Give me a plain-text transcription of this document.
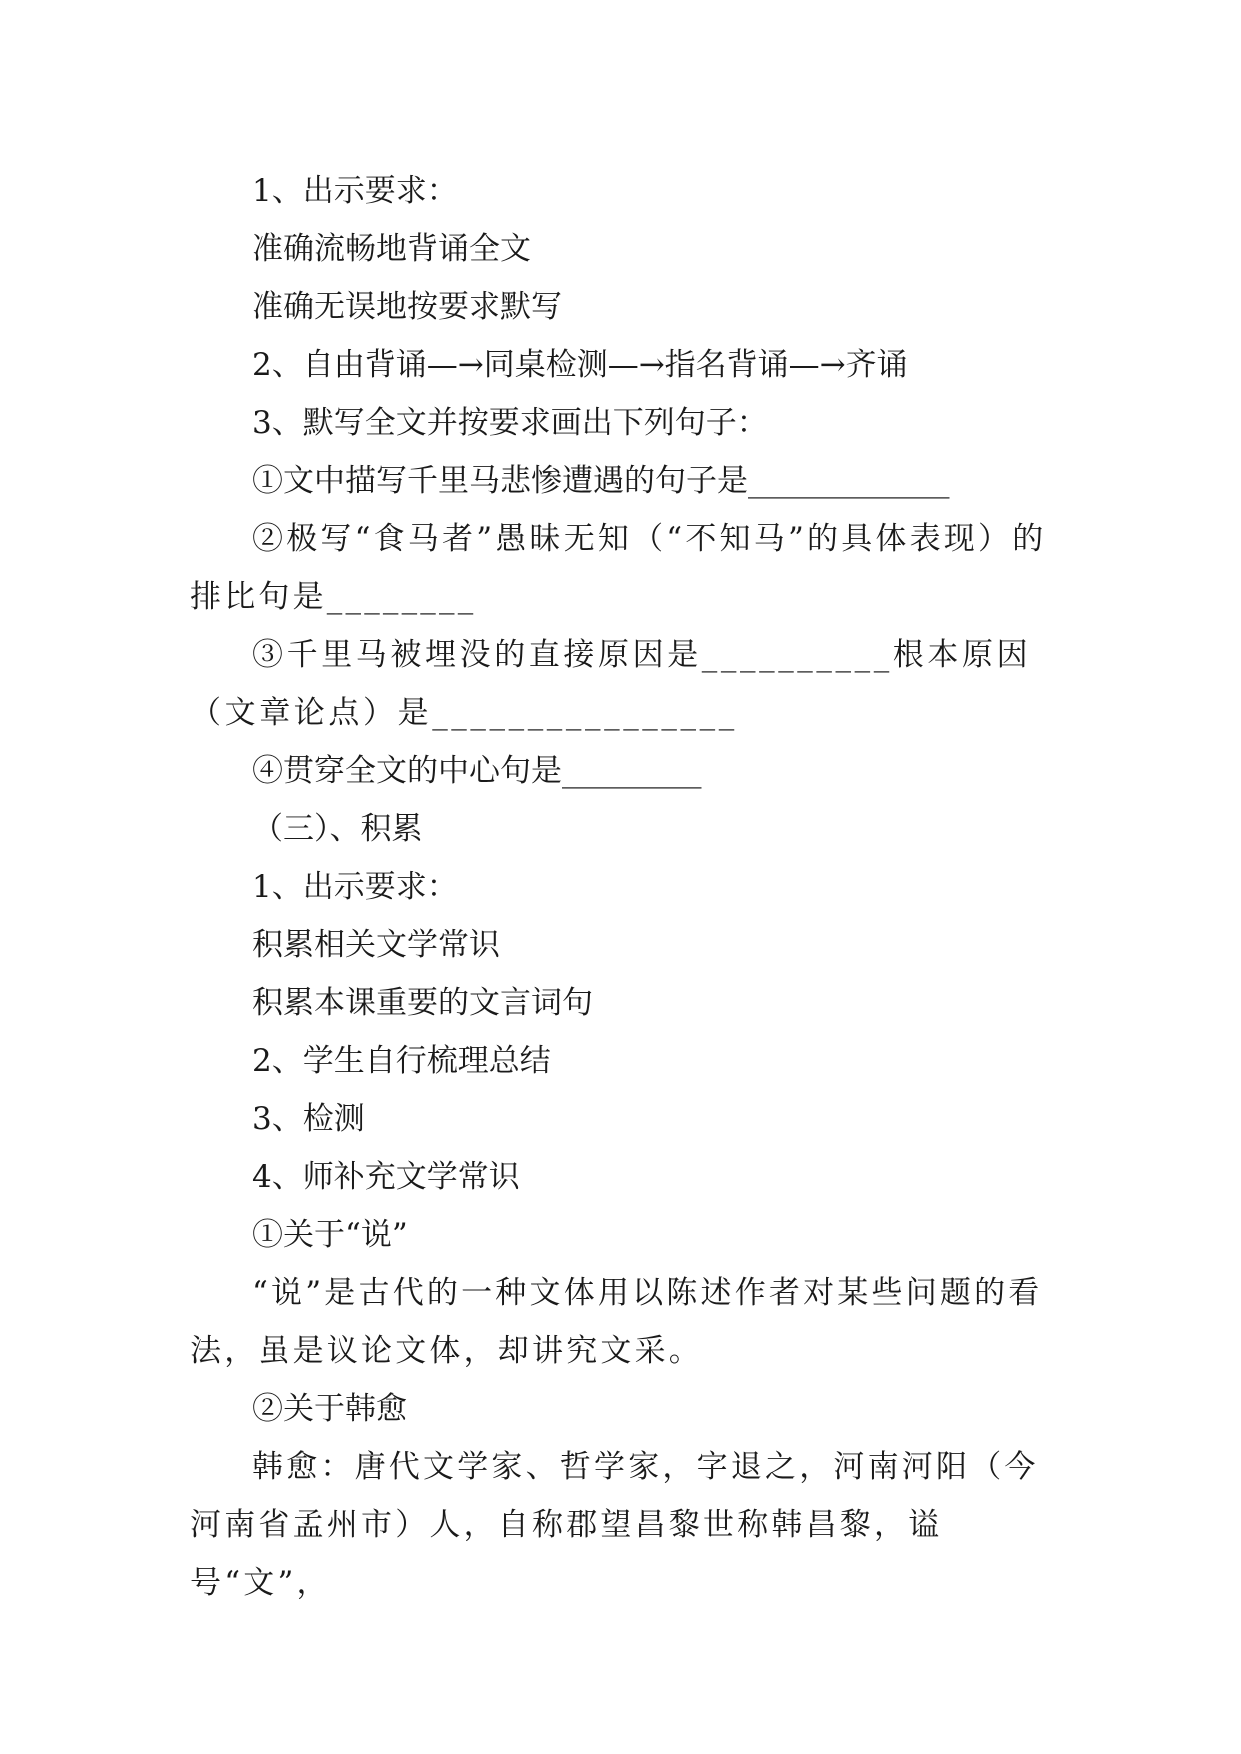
1、出示要求：

准确流畅地背诵全文

准确无误地按要求默写

2、自由背诵—→同桌检测—→指名背诵—→齐诵

3、默写全文并按要求画出下列句子：

①文中描写千里马悲惨遭遇的句子是_____________

②极写“食马者”愚昧无知（“不知马”的具体表现）的排比句是________

③千里马被埋没的直接原因是__________根本原因（文章论点）是________________

④贯穿全文的中心句是_________

（三）、积累

1、出示要求：

积累相关文学常识

积累本课重要的文言词句

2、学生自行梳理总结

3、检测

4、师补充文学常识

①关于“说”

“说”是古代的一种文体用以陈述作者对某些问题的看法，虽是议论文体，却讲究文采。

②关于韩愈

韩愈：唐代文学家、哲学家，字退之，河南河阳（今河南省孟州市）人，自称郡望昌黎世称韩昌黎，谥号“文”，
